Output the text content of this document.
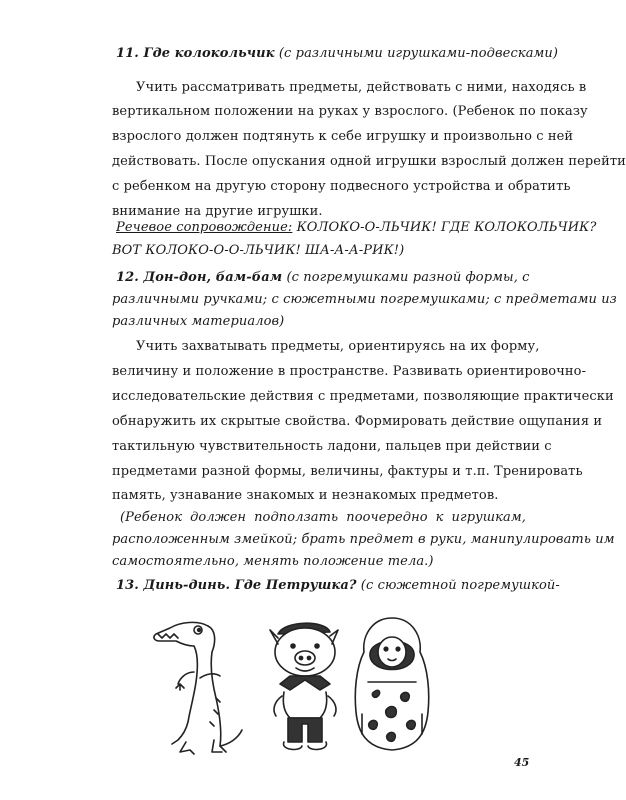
11. Где колокольчик (с различными игрушками-подвесками)
Учить рассматривать предметы, действовать с ними, находясь в
вертикальном положении на руках у взрослого. (Ребенок по показу
взрослого должен подтянуть к себе игрушку и произвольно с ней
действовать. После опускания одной игрушки взрослый должен перейти
с ребенком на другую сторону подвесного устройства и обратить
внимание на другие игрушки.
Речевое сопровождение: КОЛОКО-О-ЛЬЧИК! ГДЕ КОЛОКОЛЬЧИК?
ВОТ КОЛОКО-О-О-ЛЬЧИК! ША-А-А-РИК!)
12. Дон-дон, бам-бам (с погремушками разной формы, с
различными ручками; с сюжетными погремушками; с предметами из
различных материалов)
Учить захватывать предметы, ориентируясь на их форму,
величину и положение в пространстве. Развивать ориентировочно-
исследовательские действия с предметами, позволяющие практически
обнаружить их скрытые свойства. Формировать действие ощупания и
тактильную чувствительность ладони, пальцев при действии с
предметами разной формы, величины, фактуры и т.п. Тренировать
память, узнавание знакомых и незнакомых предметов.
(Ребенок должен подползать поочередно к игрушкам,
расположенным змейкой; брать предмет в руки, манипулировать им
самостоятельно, менять положение тела.)
13. Динь-динь. Где Петрушка? (с сюжетной погремушкой-
45
